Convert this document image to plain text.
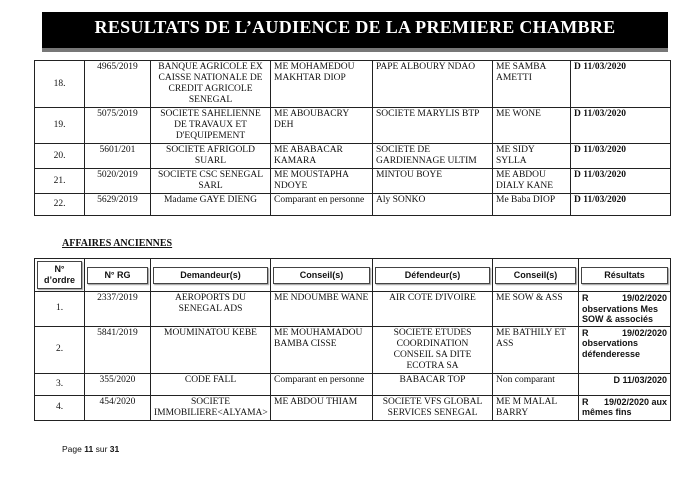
RESULTATS DE L’AUDIENCE DE LA PREMIERE CHAMBRE
18.	4965/2019	BANQUE AGRICOLE EX CAISSE NATIONALE DE CREDIT AGRICOLE SENEGAL	ME MOHAMEDOU MAKHTAR DIOP	PAPE ALBOURY NDAO	ME SAMBA AMETTI	D 11/03/2020
19.	5075/2019	SOCIETE SAHELIENNE DE TRAVAUX ET D'EQUIPEMENT	ME ABOUBACRY DEH	SOCIETE MARYLIS BTP	ME WONE	D 11/03/2020
20.	5601/201	SOCIETE AFRIGOLD SUARL	ME ABABACAR KAMARA	SOCIETE DE GARDIENNAGE ULTIM	ME SIDY SYLLA	D 11/03/2020
21.	5020/2019	SOCIETE CSC SENEGAL SARL	ME MOUSTAPHA NDOYE	MINTOU BOYE	ME ABDOU DIALY KANE	D 11/03/2020
22.	5629/2019	Madame GAYE DIENG	Comparant en personne	Aly SONKO	Me Baba DIOP	D 11/03/2020
AFFAIRES ANCIENNES
N° d’ordre	N° RG	Demandeur(s)	Conseil(s)	Défendeur(s)	Conseil(s)	Résultats

1.	2337/2019	AEROPORTS DU SENEGAL ADS	ME NDOUMBE WANE	AIR COTE D'IVOIRE	ME SOW & ASS	R 19/02/2020
observations Mes SOW & associés

2.	5841/2019	MOUMINATOU KEBE	ME MOUHAMADOU BAMBA CISSE	SOCIETE ETUDES COORDINATION CONSEIL SA DITE ECOTRA SA	ME BATHILY ET ASS	R 19/02/2020
observations défenderesse

3.	355/2020	CODE FALL	Comparant en personne	BABACAR TOP	Non comparant	D 11/03/2020

4.	454/2020	SOCIETE IMMOBILIERE<ALYAMA>	ME ABDOU THIAM	SOCIETE VFS GLOBAL SERVICES SENEGAL	ME M MALAL BARRY	R 19/02/2020 aux
mêmes fins
Page 11 sur 31
